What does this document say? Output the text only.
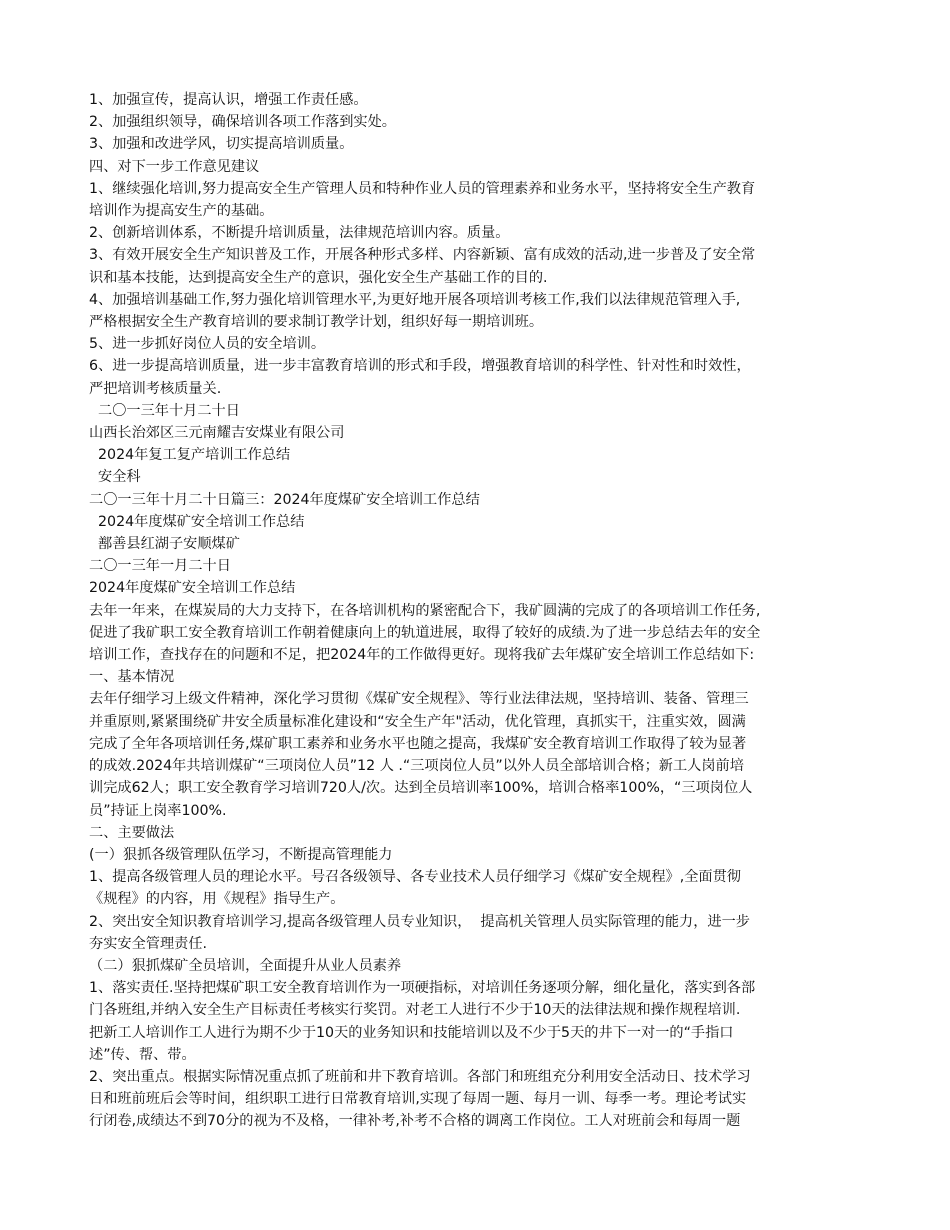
1、加强宣传，提高认识，增强工作责任感。
2、加强组织领导，确保培训各项工作落到实处。
3、加强和改进学风，切实提高培训质量。
四、对下一步工作意见建议
1、继续强化培训,努力提高安全生产管理人员和特种作业人员的管理素养和业务水平，坚持将安全生产教育
培训作为提高安生产的基础。
2、创新培训体系，不断提升培训质量，法律规范培训内容。质量。
3、有效开展安全生产知识普及工作，开展各种形式多样、内容新颖、富有成效的活动,进一步普及了安全常
识和基本技能，达到提高安全生产的意识，强化安全生产基础工作的目的.
4、加强培训基础工作,努力强化培训管理水平,为更好地开展各项培训考核工作,我们以法律规范管理入手,
严格根据安全生产教育培训的要求制订教学计划，组织好每一期培训班。
5、进一步抓好岗位人员的安全培训。
6、进一步提高培训质量，进一步丰富教育培训的形式和手段，增强教育培训的科学性、针对性和时效性，
严把培训考核质量关.
二〇一三年十月二十日
山西长治郊区三元南耀吉安煤业有限公司
2024年复工复产培训工作总结
安全科
二〇一三年十月二十日篇三：2024年度煤矿安全培训工作总结
2024年度煤矿安全培训工作总结
鄯善县红湖子安顺煤矿
二〇一三年一月二十日
2024年度煤矿安全培训工作总结
去年一年来，在煤炭局的大力支持下，在各培训机构的紧密配合下，我矿圆满的完成了的各项培训工作任务,
促进了我矿职工安全教育培训工作朝着健康向上的轨道进展，取得了较好的成绩.为了进一步总结去年的安全
培训工作，查找存在的问题和不足，把2024年的工作做得更好。现将我矿去年煤矿安全培训工作总结如下:
一、基本情况
去年仔细学习上级文件精神，深化学习贯彻《煤矿安全规程》、等行业法律法规，坚持培训、装备、管理三
并重原则,紧紧围绕矿井安全质量标准化建设和“安全生产年"活动，优化管理，真抓实干，注重实效，圆满
完成了全年各项培训任务,煤矿职工素养和业务水平也随之提高，我煤矿安全教育培训工作取得了较为显著
的成效.2024年共培训煤矿“三项岗位人员”12 人 .“三项岗位人员”以外人员全部培训合格；新工人岗前培
训完成62人；职工安全教育学习培训720人/次。达到全员培训率100%，培训合格率100%，“三项岗位人
员”持证上岗率100%.
二、主要做法
(一）狠抓各级管理队伍学习，不断提高管理能力
1、提高各级管理人员的理论水平。号召各级领导、各专业技术人员仔细学习《煤矿安全规程》,全面贯彻
《规程》的内容，用《规程》指导生产。
2、突出安全知识教育培训学习,提高各级管理人员专业知识，  提高机关管理人员实际管理的能力，进一步
夯实安全管理责任.
（二）狠抓煤矿全员培训，全面提升从业人员素养
1、落实责任.坚持把煤矿职工安全教育培训作为一项硬指标，对培训任务逐项分解，细化量化，落实到各部
门各班组,并纳入安全生产目标责任考核实行奖罚。对老工人进行不少于10天的法律法规和操作规程培训.
把新工人培训作工人进行为期不少于10天的业务知识和技能培训以及不少于5天的井下一对一的“手指口
述”传、帮、带。
2、突出重点。根据实际情况重点抓了班前和井下教育培训。各部门和班组充分利用安全活动日、技术学习
日和班前班后会等时间，组织职工进行日常教育培训,实现了每周一题、每月一训、每季一考。理论考试实
行闭卷,成绩达不到70分的视为不及格，一律补考,补考不合格的调离工作岗位。工人对班前会和每周一题
